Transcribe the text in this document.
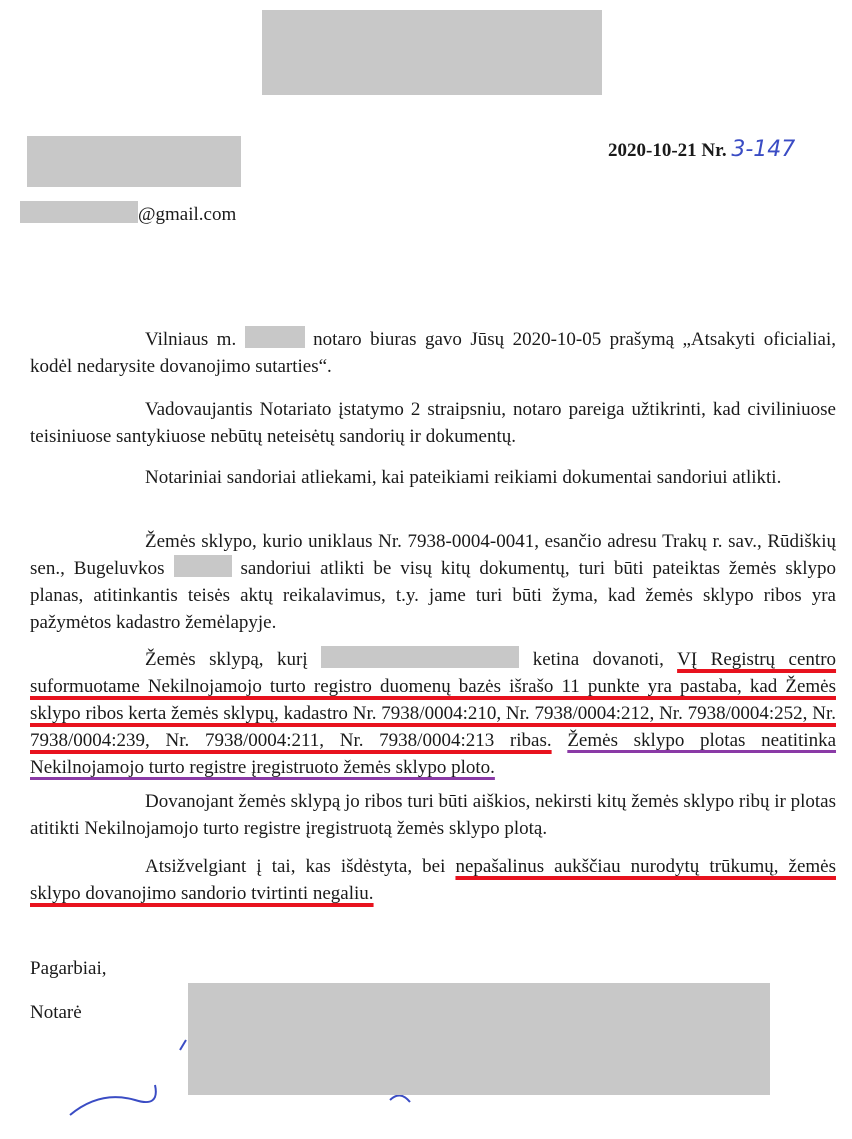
2020-10-21 Nr. 3-147
@gmail.com
Vilniaus m.	notaro biuras gavo Jūsų 2020-10-05 prašymą „Atsakyti oficialiai, kodėl nedarysite dovanojimo sutarties“.
Vadovaujantis Notariato įstatymo 2 straipsniu, notaro pareiga užtikrinti, kad civiliniuose teisiniuose santykiuose nebūtų neteisėtų sandorių ir dokumentų.
Notariniai sandoriai atliekami, kai pateikiami reikiami dokumentai sandoriui atlikti.
Žemės sklypo, kurio uniklaus Nr. 7938-0004-0041, esančio adresu Trakų r. sav., Rūdiškių sen., Bugeluvkos	sandoriui atlikti be visų kitų dokumentų, turi būti pateiktas žemės sklypo planas, atitinkantis teisės aktų reikalavimus, t.y. jame turi būti žyma, kad žemės sklypo ribos yra pažymėtos kadastro žemėlapyje.
Žemės sklypą, kurį	ketina dovanoti, VĮ Registrų centro suformuotame Nekilnojamojo turto registro duomenų bazės išrašo 11 punkte yra pastaba, kad Žemės sklypo ribos kerta žemės sklypų, kadastro Nr. 7938/0004:210, Nr. 7938/0004:212, Nr. 7938/0004:252, Nr. 7938/0004:239, Nr. 7938/0004:211, Nr. 7938/0004:213 ribas. Žemės sklypo plotas neatitinka Nekilnojamojo turto registre įregistruoto žemės sklypo ploto.
Dovanojant žemės sklypą jo ribos turi būti aiškios, nekirsti kitų žemės sklypo ribų ir plotas atitikti Nekilnojamojo turto registre įregistruotą žemės sklypo plotą.
Atsižvelgiant į tai, kas išdėstyta, bei nepašalinus aukščiau nurodytų trūkumų, žemės sklypo dovanojimo sandorio tvirtinti negaliu.
Pagarbiai,
Notarė
